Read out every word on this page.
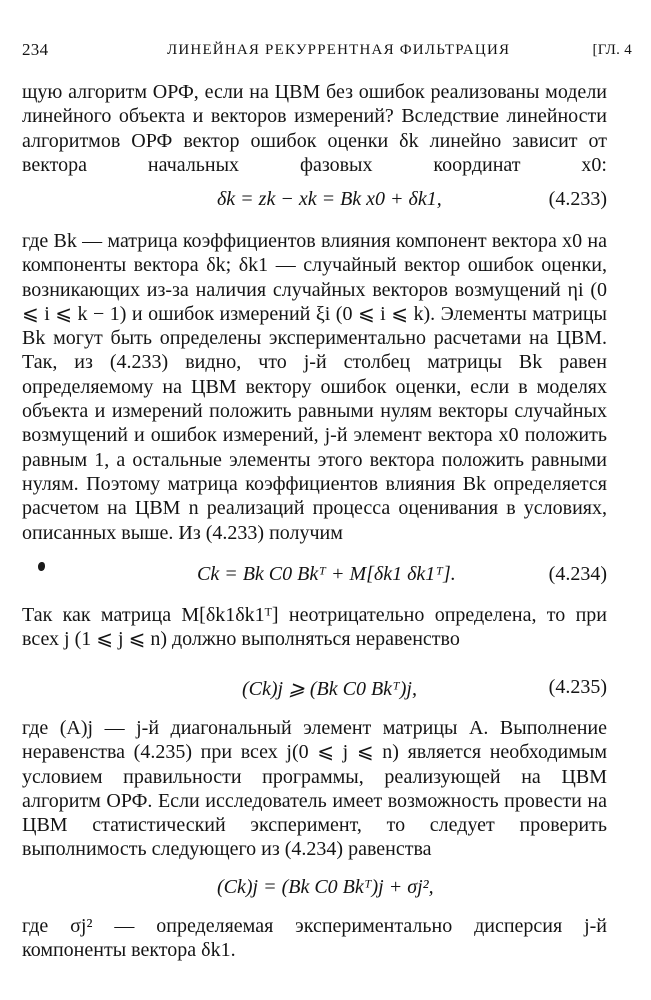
234	ЛИНЕЙНАЯ РЕКУРРЕНТНАЯ ФИЛЬТРАЦИЯ	[ГЛ. 4

щую алгоритм ОРФ, если на ЦВМ без ошибок реализованы модели линейного объекта и векторов измерений? Вследствие линейности алгоритмов ОРФ вектор ошибок оценки δk линейно зависит от вектора начальных фазовых координат x0:

δk = zk − xk = Bk x0 + δk1,	(4.233)

где Bk — матрица коэффициентов влияния компонент вектора x0 на компоненты вектора δk; δk1 — случайный вектор ошибок оценки, возникающих из-за наличия случайных векторов возмущений ηi (0 ⩽ i ⩽ k − 1) и ошибок измерений ξi (0 ⩽ i ⩽ k). Элементы матрицы Bk могут быть определены экспериментально расчетами на ЦВМ. Так, из (4.233) видно, что j-й столбец матрицы Bk равен определяемому на ЦВМ вектору ошибок оценки, если в моделях объекта и измерений положить равными нулям векторы случайных возмущений и ошибок измерений, j-й элемент вектора x0 положить равным 1, а остальные элементы этого вектора положить равными нулям. Поэтому матрица коэффициентов влияния Bk определяется расчетом на ЦВМ n реализаций процесса оценивания в условиях, описанных выше. Из (4.233) получим

Ck = Bk C0 Bkᵀ + M[δk1 δk1ᵀ].	(4.234)

Так как матрица M[δk1δk1ᵀ] неотрицательно определена, то при всех j (1 ⩽ j ⩽ n) должно выполняться неравенство

(Ck)j ⩾ (Bk C0 Bkᵀ)j,	(4.235)

где (A)j — j-й диагональный элемент матрицы A. Выполнение неравенства (4.235) при всех j(0 ⩽ j ⩽ n) является необходимым условием правильности программы, реализующей на ЦВМ алгоритм ОРФ. Если исследователь имеет возможность провести на ЦВМ статистический эксперимент, то следует проверить выполнимость следующего из (4.234) равенства

(Ck)j = (Bk C0 Bkᵀ)j + σj²,

где σj² — определяемая экспериментально дисперсия j-й компоненты вектора δk1.
